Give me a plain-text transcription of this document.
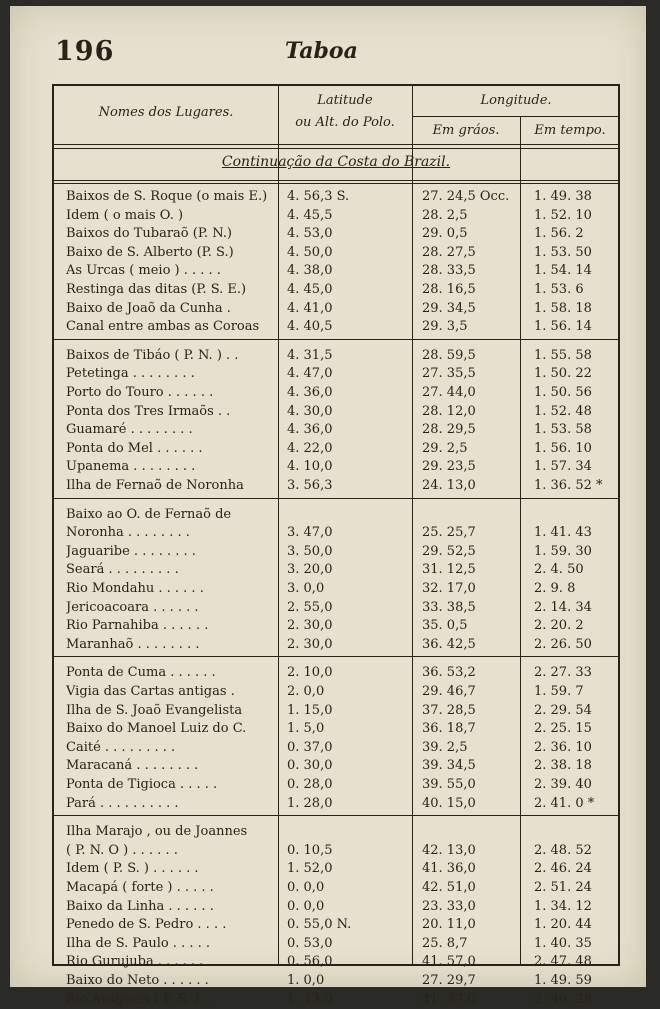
196	Taboa
Nomes dos Lugares.
Latitude
ou Alt. do Polo.
Longitude.
Em gráos.	Em tempo.
Continuação da Costa do Brazil.
Baixos de S. Roque (o mais E.)	4. 56,3 S.	27. 24,5 Occ.	1. 49. 38
Idem ( o mais O. )	4. 45,5	28. 2,5	1. 52. 10
Baixos do Tubaraõ (P. N.)	4. 53,0	29. 0,5	1. 56. 2
Baixo de S. Alberto (P. S.)	4. 50,0	28. 27,5	1. 53. 50
As Urcas ( meio ) . . . . .	4. 38,0	28. 33,5	1. 54. 14
Restinga das ditas (P. S. E.)	4. 45,0	28. 16,5	1. 53. 6
Baixo de Joaõ da Cunha .	4. 41,0	29. 34,5	1. 58. 18
Canal entre ambas as Coroas	4. 40,5	29. 3,5	1. 56. 14
Baixos de Tibáo ( P. N. ) . .	4. 31,5	28. 59,5	1. 55. 58
Petetinga . . . . . . . .	4. 47,0	27. 35,5	1. 50. 22
Porto do Touro . . . . . .	4. 36,0	27. 44,0	1. 50. 56
Ponta dos Tres Irmaõs . .	4. 30,0	28. 12,0	1. 52. 48
Guamaré . . . . . . . .	4. 36,0	28. 29,5	1. 53. 58
Ponta do Mel . . . . . .	4. 22,0	29. 2,5	1. 56. 10
Upanema . . . . . . . .	4. 10,0	29. 23,5	1. 57. 34
Ilha de Fernaõ de Noronha	3. 56,3	24. 13,0	1. 36. 52 *
Baixo ao O. de Fernaõ de
Noronha . . . . . . . .	3. 47,0	25. 25,7	1. 41. 43
Jaguaribe . . . . . . . .	3. 50,0	29. 52,5	1. 59. 30
Seará . . . . . . . . .	3. 20,0	31. 12,5	2. 4. 50
Rio Mondahu . . . . . .	3. 0,0	32. 17,0	2. 9. 8
Jericoacoara . . . . . .	2. 55,0	33. 38,5	2. 14. 34
Rio Parnahiba . . . . . .	2. 30,0	35. 0,5	2. 20. 2
Maranhaõ . . . . . . . .	2. 30,0	36. 42,5	2. 26. 50
Ponta de Cuma . . . . . .	2. 10,0	36. 53,2	2. 27. 33
Vigia das Cartas antigas .	2. 0,0	29. 46,7	1. 59. 7
Ilha de S. Joaõ Evangelista	1. 15,0	37. 28,5	2. 29. 54
Baixo do Manoel Luiz do C.	1. 5,0	36. 18,7	2. 25. 15
Caité . . . . . . . . .	0. 37,0	39. 2,5	2. 36. 10
Maracaná . . . . . . . .	0. 30,0	39. 34,5	2. 38. 18
Ponta de Tigioca . . . . .	0. 28,0	39. 55,0	2. 39. 40
Pará . . . . . . . . . .	1. 28,0	40. 15,0	2. 41. 0 *
Ilha Marajo , ou de Joannes
( P. N. O ) . . . . . .	0. 10,5	42. 13,0	2. 48. 52
Idem ( P. S. ) . . . . . .	1. 52,0	41. 36,0	2. 46. 24
Macapá ( forte ) . . . . .	0. 0,0	42. 51,0	2. 51. 24
Baixo da Linha . . . . . .	0. 0,0	23. 33,0	1. 34. 12
Penedo de S. Pedro . . . .	0. 55,0 N.	20. 11,0	1. 20. 44
Ilha de S. Paulo . . . . .	0. 53,0	25. 8,7	1. 40. 35
Rio Gurujuba . . . . . .	0. 56,0	41. 57,0	2. 47. 48
Baixo do Neto . . . . . .	1. 0,0	27. 29,7	1. 49. 59
Rio Araguari ( P. S. ) . .	1. 13,0	41. 37,0	2. 46. 28
